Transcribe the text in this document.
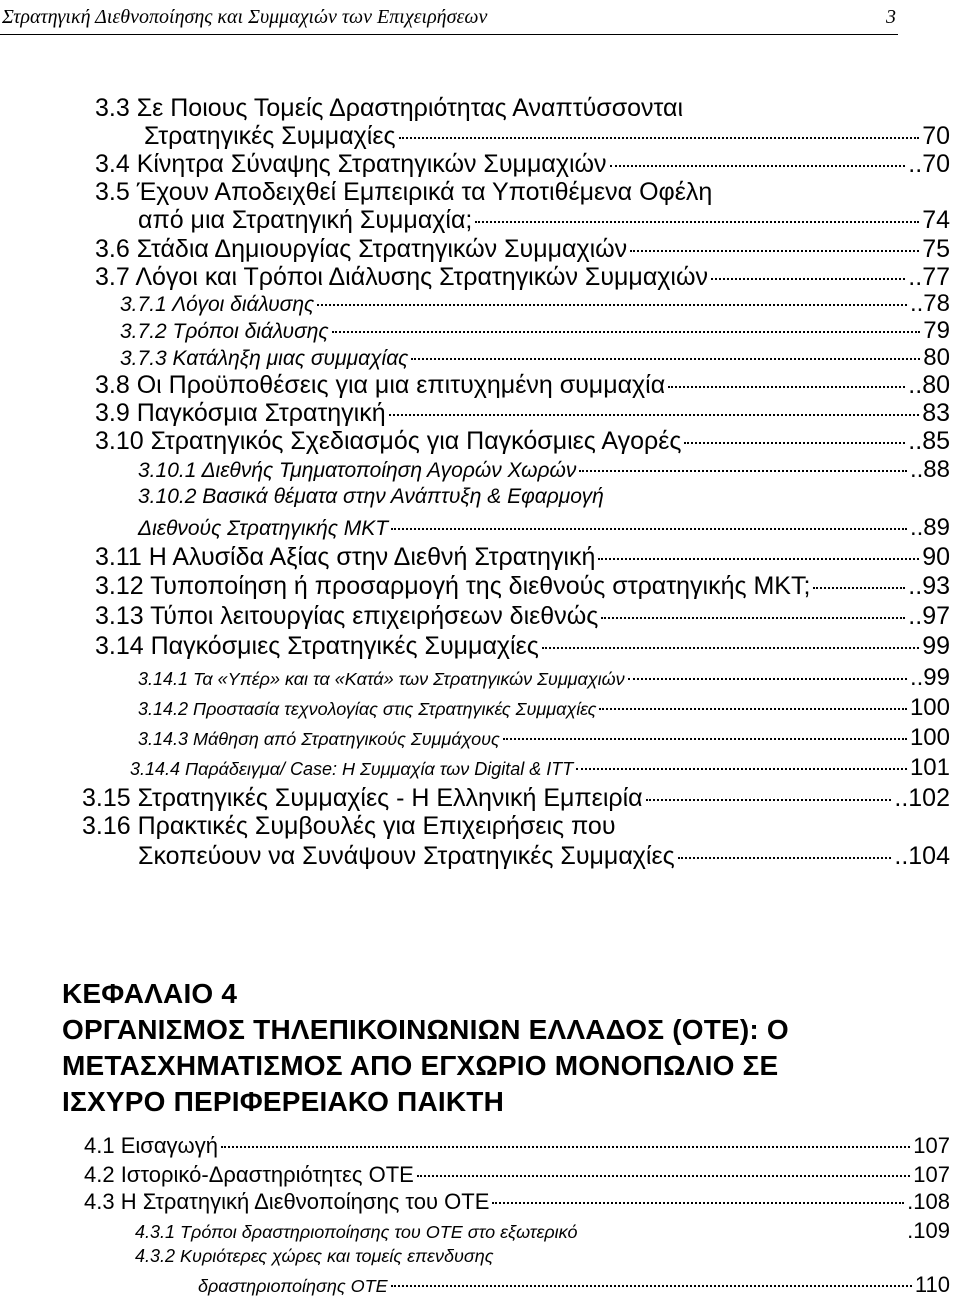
Στρατηγική Διεθνοποίησης και Συμμαχιών των Επιχειρήσεων	3
3.3 Σε Ποιους Τομείς Δραστηριότητας Αναπτύσσονται
Στρατηγικές Συμμαχίες	70
3.4 Κίνητρα Σύναψης Στρατηγικών Συμμαχιών	..70
3.5 Έχουν Αποδειχθεί Εμπειρικά τα Υποτιθέμενα Οφέλη
από μια Στρατηγική Συμμαχία;	74
3.6 Στάδια Δημιουργίας Στρατηγικών Συμμαχιών	75
3.7 Λόγοι και Τρόποι Διάλυσης Στρατηγικών Συμμαχιών	..77
3.7.1 Λόγοι διάλυσης	..78
3.7.2 Τρόποι διάλυσης	79
3.7.3 Κατάληξη μιας συμμαχίας	80
3.8 Οι Προϋποθέσεις για μια επιτυχημένη συμμαχία	..80
3.9 Παγκόσμια Στρατηγική	83
3.10 Στρατηγικός Σχεδιασμός για Παγκόσμιες Αγορές	..85
3.10.1 Διεθνής Τμηματοποίηση Αγορών Χωρών	..88
3.10.2 Βασικά θέματα στην Ανάπτυξη & Εφαρμογή
Διεθνούς Στρατηγικής ΜΚΤ	..89
3.11 Η Αλυσίδα Αξίας στην Διεθνή Στρατηγική	90
3.12 Τυποποίηση ή προσαρμογή της διεθνούς στρατηγικής ΜΚΤ;	..93
3.13 Τύποι λειτουργίας επιχειρήσεων διεθνώς	..97
3.14 Παγκόσμιες Στρατηγικές Συμμαχίες	99
3.14.1 Τα «Υπέρ» και τα «Κατά» των Στρατηγικών Συμμαχιών	..99
3.14.2 Προστασία τεχνολογίας στις Στρατηγικές Συμμαχίες	100
3.14.3 Μάθηση από Στρατηγικούς Συμμάχους	100
3.14.4 Παράδειγμα/ Case: Η Συμμαχία των Digital & ITT	101
3.15 Στρατηγικές Συμμαχίες - Η Ελληνική Εμπειρία	..102
3.16 Πρακτικές Συμβουλές για Επιχειρήσεις που
Σκοπεύουν να Συνάψουν Στρατηγικές Συμμαχίες	..104
ΚΕΦΑΛΑΙΟ 4
ΟΡΓΑΝΙΣΜΟΣ ΤΗΛΕΠΙΚΟΙΝΩΝΙΩΝ ΕΛΛΑΔΟΣ (ΟΤΕ): Ο
ΜΕΤΑΣΧΗΜΑΤΙΣΜΟΣ ΑΠΟ ΕΓΧΩΡΙΟ ΜΟΝΟΠΩΛΙΟ ΣΕ
ΙΣΧΥΡΟ ΠΕΡΙΦΕΡΕΙΑΚΟ ΠΑΙΚΤΗ
4.1 Εισαγωγή	107
4.2 Ιστορικό-Δραστηριότητες ΟΤΕ	107
4.3 Η Στρατηγική Διεθνοποίησης του ΟΤΕ	.108
4.3.1 Τρόποι δραστηριοποίησης του ΟΤΕ στο εξωτερικό	.109
4.3.2 Κυριότερες χώρες και τομείς επενδυσης
δραστηριοποίησης ΟΤΕ	110
